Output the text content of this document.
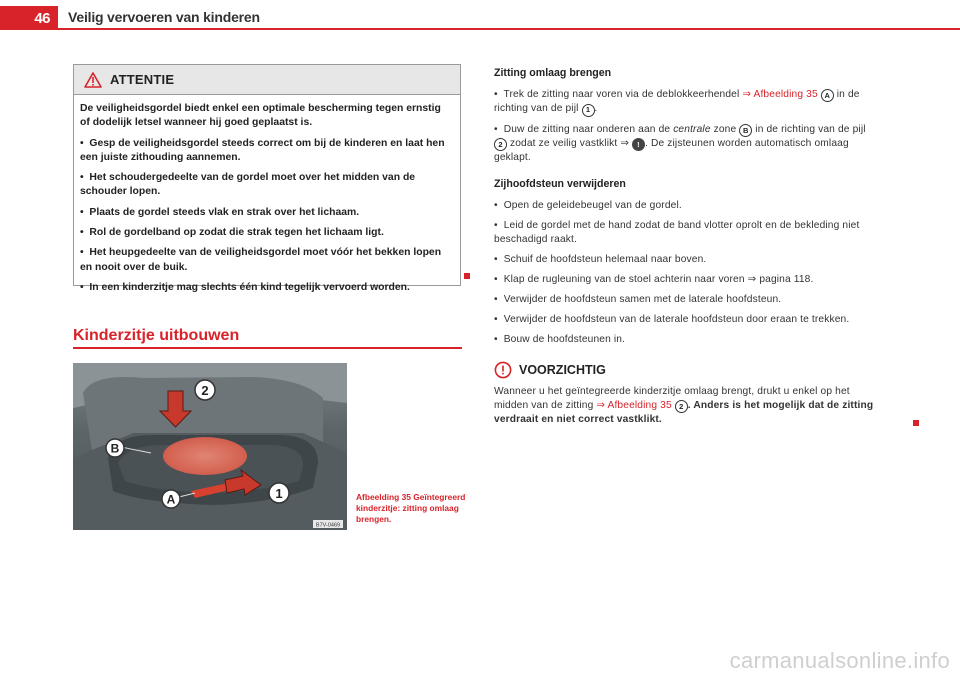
46	Veilig vervoeren van kinderen
ATTENTIE

De veiligheidsgordel biedt enkel een optimale bescherming tegen ernstig of dodelijk letsel wanneer hij goed geplaatst is.

•  Gesp de veiligheidsgordel steeds correct om bij de kinderen en laat hen een juiste zithouding aannemen.

•  Het schoudergedeelte van de gordel moet over het midden van de schouder lopen.

•  Plaats de gordel steeds vlak en strak over het lichaam.

•  Rol de gordelband op zodat die strak tegen het lichaam ligt.

•  Het heupgedeelte van de veiligheidsgordel moet vóór het bekken lopen en nooit over de buik.

•  In een kinderzitje mag slechts één kind tegelijk vervoerd worden.

Kinderzitje uitbouwen
2
B
A	1
B7V-0469
Afbeelding 35 Geïntegreerd kinderzitje: zitting omlaag brengen.
Zitting omlaag brengen

•  Trek de zitting naar voren via de deblokkeerhendel ⇒ Afbeelding 35 A in de richting van de pijl 1 .

•  Duw de zitting naar onderen aan de centrale zone B in de richting van de pijl 2 zodat ze veilig vastklikt ⇒ ! . De zijsteunen worden automatisch omlaag geklapt.

Zijhoofdsteun verwijderen

•  Open de geleidebeugel van de gordel.

•  Leid de gordel met de hand zodat de band vlotter oprolt en de bekleding niet beschadigd raakt.

•  Schuif de hoofdsteun helemaal naar boven.

•  Klap de rugleuning van de stoel achterin naar voren ⇒ pagina 118.

•  Verwijder de hoofdsteun samen met de laterale hoofdsteun.

•  Verwijder de hoofdsteun van de laterale hoofdsteun door eraan te trekken.

•  Bouw de hoofdsteunen in.

VOORZICHTIG

Wanneer u het geïntegreerde kinderzitje omlaag brengt, drukt u enkel op het midden van de zitting ⇒ Afbeelding 35 2 . Anders is het mogelijk dat de zitting verdraait en niet correct vastklikt.

carmanualsonline.info
